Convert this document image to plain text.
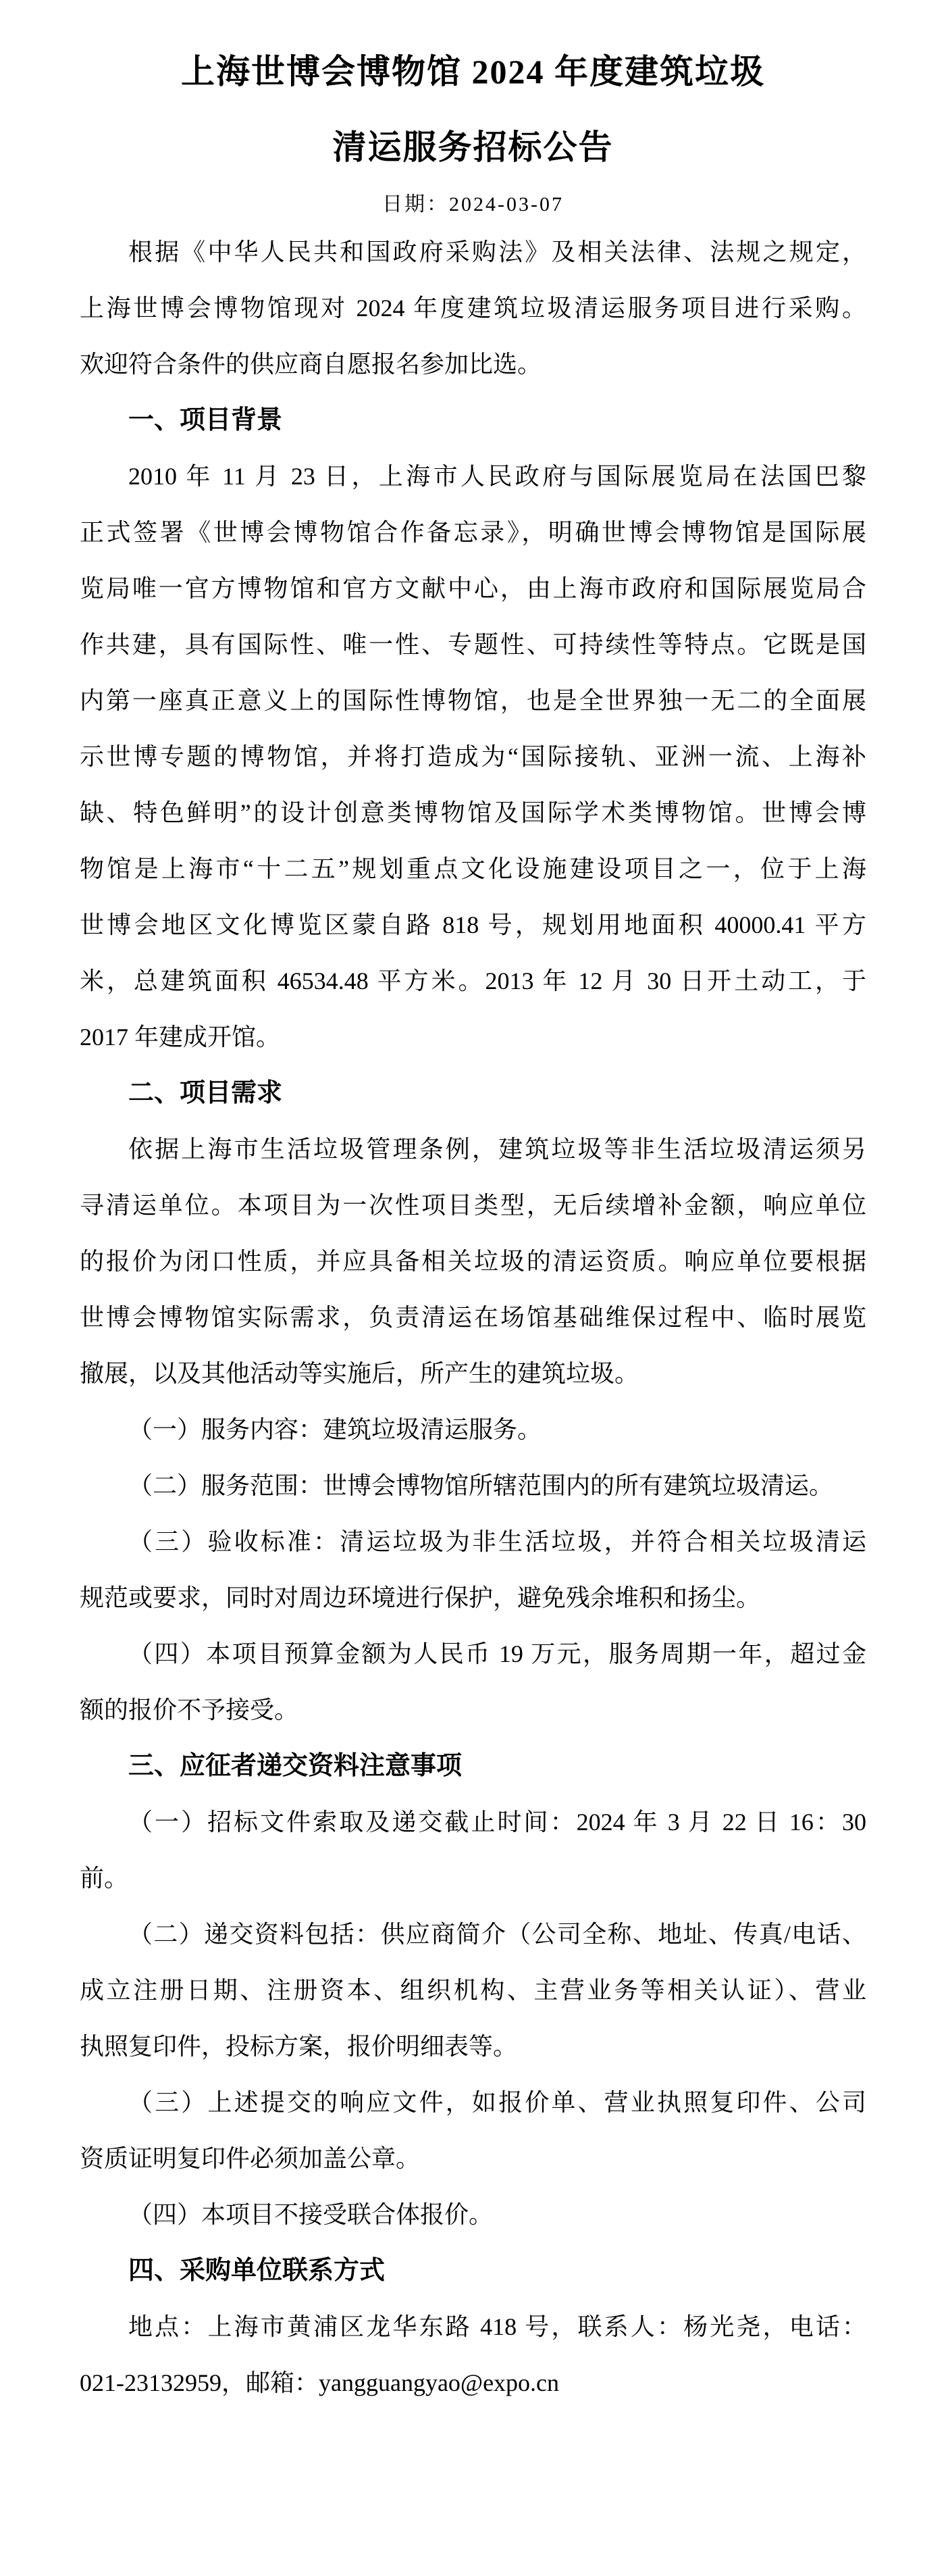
上海世博会博物馆 2024 年度建筑垃圾
清运服务招标公告
日期：2024-03-07
根据《中华人民共和国政府采购法》及相关法律、法规之规定，
上海世博会博物馆现对 2024 年度建筑垃圾清运服务项目进行采购。
欢迎符合条件的供应商自愿报名参加比选。
一、项目背景
2010 年 11 月 23 日，上海市人民政府与国际展览局在法国巴黎
正式签署《世博会博物馆合作备忘录》，明确世博会博物馆是国际展
览局唯一官方博物馆和官方文献中心，由上海市政府和国际展览局合
作共建，具有国际性、唯一性、专题性、可持续性等特点。它既是国
内第一座真正意义上的国际性博物馆，也是全世界独一无二的全面展
示世博专题的博物馆，并将打造成为“国际接轨、亚洲一流、上海补
缺、特色鲜明”的设计创意类博物馆及国际学术类博物馆。世博会博
物馆是上海市“十二五”规划重点文化设施建设项目之一，位于上海
世博会地区文化博览区蒙自路 818 号，规划用地面积 40000.41 平方
米，总建筑面积 46534.48 平方米。2013 年 12 月 30 日开土动工，于
2017 年建成开馆。
二、项目需求
依据上海市生活垃圾管理条例，建筑垃圾等非生活垃圾清运须另
寻清运单位。本项目为一次性项目类型，无后续增补金额，响应单位
的报价为闭口性质，并应具备相关垃圾的清运资质。响应单位要根据
世博会博物馆实际需求，负责清运在场馆基础维保过程中、临时展览
撤展，以及其他活动等实施后，所产生的建筑垃圾。
（一）服务内容：建筑垃圾清运服务。
（二）服务范围：世博会博物馆所辖范围内的所有建筑垃圾清运。
（三）验收标准：清运垃圾为非生活垃圾，并符合相关垃圾清运
规范或要求，同时对周边环境进行保护，避免残余堆积和扬尘。
（四）本项目预算金额为人民币 19 万元，服务周期一年，超过金
额的报价不予接受。
三、应征者递交资料注意事项
（一）招标文件索取及递交截止时间：2024 年 3 月 22 日 16：30
前。
（二）递交资料包括：供应商简介（公司全称、地址、传真/电话、
成立注册日期、注册资本、组织机构、主营业务等相关认证）、营业
执照复印件，投标方案，报价明细表等。
（三）上述提交的响应文件，如报价单、营业执照复印件、公司
资质证明复印件必须加盖公章。
（四）本项目不接受联合体报价。
四、采购单位联系方式
地点：上海市黄浦区龙华东路 418 号，联系人：杨光尧，电话：
021-23132959，邮箱：yangguangyao@expo.cn
